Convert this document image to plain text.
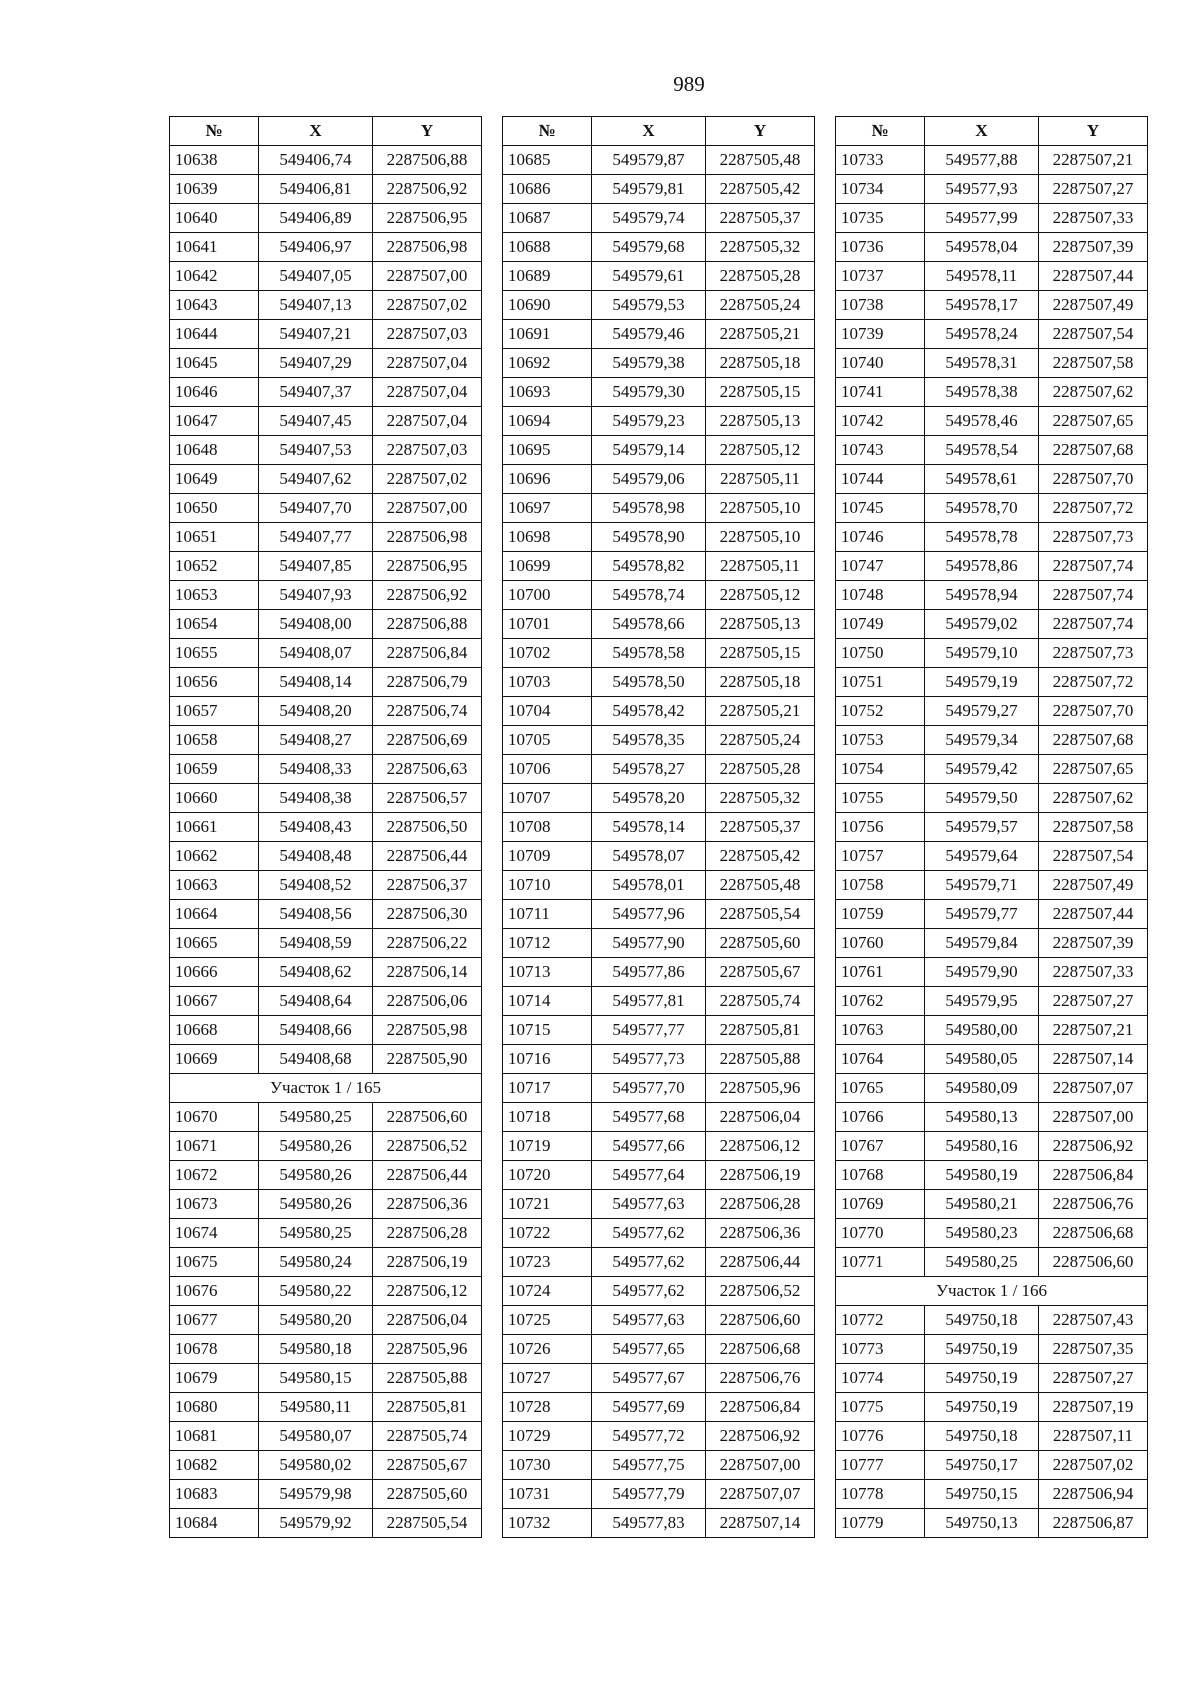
989
№	X	Y
10638	549406,74	2287506,88
10639	549406,81	2287506,92
10640	549406,89	2287506,95
10641	549406,97	2287506,98
10642	549407,05	2287507,00
10643	549407,13	2287507,02
10644	549407,21	2287507,03
10645	549407,29	2287507,04
10646	549407,37	2287507,04
10647	549407,45	2287507,04
10648	549407,53	2287507,03
10649	549407,62	2287507,02
10650	549407,70	2287507,00
10651	549407,77	2287506,98
10652	549407,85	2287506,95
10653	549407,93	2287506,92
10654	549408,00	2287506,88
10655	549408,07	2287506,84
10656	549408,14	2287506,79
10657	549408,20	2287506,74
10658	549408,27	2287506,69
10659	549408,33	2287506,63
10660	549408,38	2287506,57
10661	549408,43	2287506,50
10662	549408,48	2287506,44
10663	549408,52	2287506,37
10664	549408,56	2287506,30
10665	549408,59	2287506,22
10666	549408,62	2287506,14
10667	549408,64	2287506,06
10668	549408,66	2287505,98
10669	549408,68	2287505,90
Участок 1 / 165		
10670	549580,25	2287506,60
10671	549580,26	2287506,52
10672	549580,26	2287506,44
10673	549580,26	2287506,36
10674	549580,25	2287506,28
10675	549580,24	2287506,19
10676	549580,22	2287506,12
10677	549580,20	2287506,04
10678	549580,18	2287505,96
10679	549580,15	2287505,88
10680	549580,11	2287505,81
10681	549580,07	2287505,74
10682	549580,02	2287505,67
10683	549579,98	2287505,60
10684	549579,92	2287505,54
№	X	Y
10685	549579,87	2287505,48
10686	549579,81	2287505,42
10687	549579,74	2287505,37
10688	549579,68	2287505,32
10689	549579,61	2287505,28
10690	549579,53	2287505,24
10691	549579,46	2287505,21
10692	549579,38	2287505,18
10693	549579,30	2287505,15
10694	549579,23	2287505,13
10695	549579,14	2287505,12
10696	549579,06	2287505,11
10697	549578,98	2287505,10
10698	549578,90	2287505,10
10699	549578,82	2287505,11
10700	549578,74	2287505,12
10701	549578,66	2287505,13
10702	549578,58	2287505,15
10703	549578,50	2287505,18
10704	549578,42	2287505,21
10705	549578,35	2287505,24
10706	549578,27	2287505,28
10707	549578,20	2287505,32
10708	549578,14	2287505,37
10709	549578,07	2287505,42
10710	549578,01	2287505,48
10711	549577,96	2287505,54
10712	549577,90	2287505,60
10713	549577,86	2287505,67
10714	549577,81	2287505,74
10715	549577,77	2287505,81
10716	549577,73	2287505,88
10717	549577,70	2287505,96
10718	549577,68	2287506,04
10719	549577,66	2287506,12
10720	549577,64	2287506,19
10721	549577,63	2287506,28
10722	549577,62	2287506,36
10723	549577,62	2287506,44
10724	549577,62	2287506,52
10725	549577,63	2287506,60
10726	549577,65	2287506,68
10727	549577,67	2287506,76
10728	549577,69	2287506,84
10729	549577,72	2287506,92
10730	549577,75	2287507,00
10731	549577,79	2287507,07
10732	549577,83	2287507,14
№	X	Y
10733	549577,88	2287507,21
10734	549577,93	2287507,27
10735	549577,99	2287507,33
10736	549578,04	2287507,39
10737	549578,11	2287507,44
10738	549578,17	2287507,49
10739	549578,24	2287507,54
10740	549578,31	2287507,58
10741	549578,38	2287507,62
10742	549578,46	2287507,65
10743	549578,54	2287507,68
10744	549578,61	2287507,70
10745	549578,70	2287507,72
10746	549578,78	2287507,73
10747	549578,86	2287507,74
10748	549578,94	2287507,74
10749	549579,02	2287507,74
10750	549579,10	2287507,73
10751	549579,19	2287507,72
10752	549579,27	2287507,70
10753	549579,34	2287507,68
10754	549579,42	2287507,65
10755	549579,50	2287507,62
10756	549579,57	2287507,58
10757	549579,64	2287507,54
10758	549579,71	2287507,49
10759	549579,77	2287507,44
10760	549579,84	2287507,39
10761	549579,90	2287507,33
10762	549579,95	2287507,27
10763	549580,00	2287507,21
10764	549580,05	2287507,14
10765	549580,09	2287507,07
10766	549580,13	2287507,00
10767	549580,16	2287506,92
10768	549580,19	2287506,84
10769	549580,21	2287506,76
10770	549580,23	2287506,68
10771	549580,25	2287506,60
Участок 1 / 166		
10772	549750,18	2287507,43
10773	549750,19	2287507,35
10774	549750,19	2287507,27
10775	549750,19	2287507,19
10776	549750,18	2287507,11
10777	549750,17	2287507,02
10778	549750,15	2287506,94
10779	549750,13	2287506,87
